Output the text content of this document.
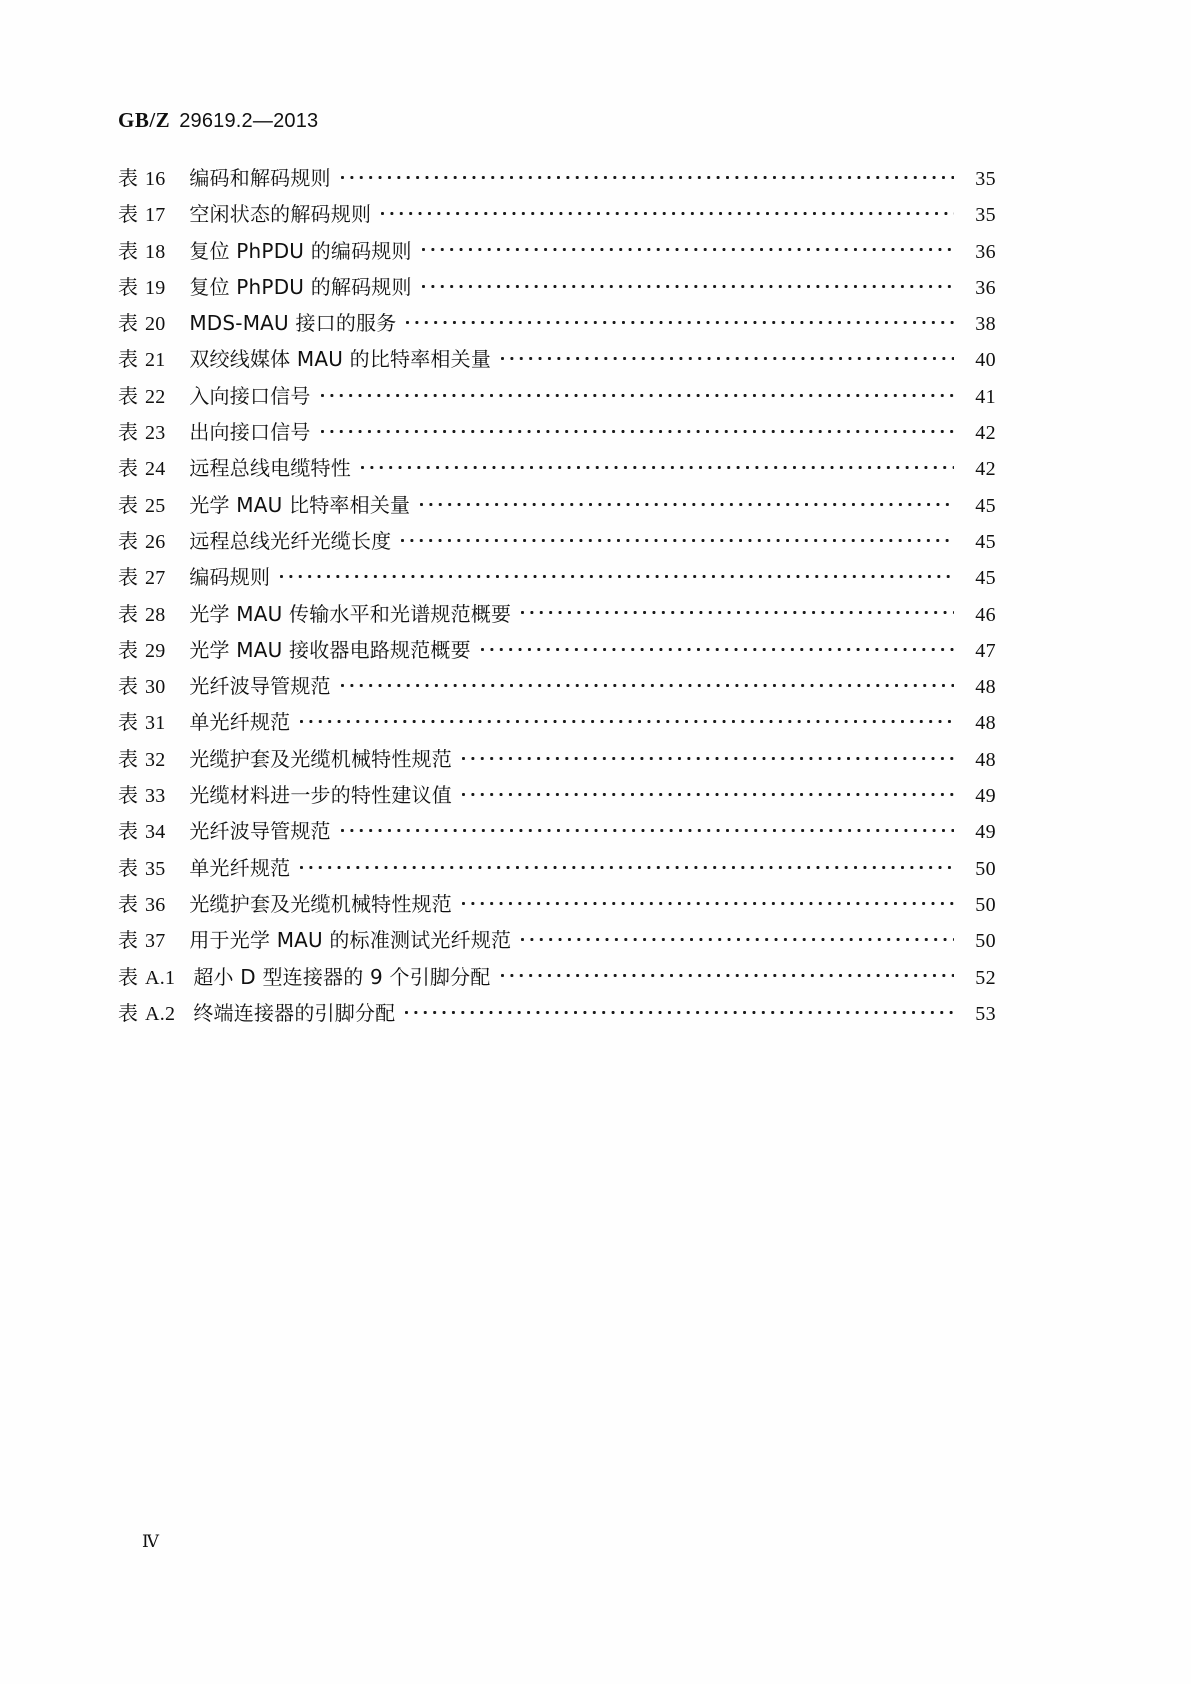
GB/Z 29619.2—2013
表 16 编码和解码规则	35
表 17 空闲状态的解码规则	35
表 18 复位 PhPDU 的编码规则	36
表 19 复位 PhPDU 的解码规则	36
表 20 MDS-MAU 接口的服务	38
表 21 双绞线媒体 MAU 的比特率相关量	40
表 22 入向接口信号	41
表 23 出向接口信号	42
表 24 远程总线电缆特性	42
表 25 光学 MAU 比特率相关量	45
表 26 远程总线光纤光缆长度	45
表 27 编码规则	45
表 28 光学 MAU 传输水平和光谱规范概要	46
表 29 光学 MAU 接收器电路规范概要	47
表 30 光纤波导管规范	48
表 31 单光纤规范	48
表 32 光缆护套及光缆机械特性规范	48
表 33 光缆材料进一步的特性建议值	49
表 34 光纤波导管规范	49
表 35 单光纤规范	50
表 36 光缆护套及光缆机械特性规范	50
表 37 用于光学 MAU 的标准测试光纤规范	50
表 A.1 超小 D 型连接器的 9 个引脚分配	52
表 A.2 终端连接器的引脚分配	53
Ⅳ
